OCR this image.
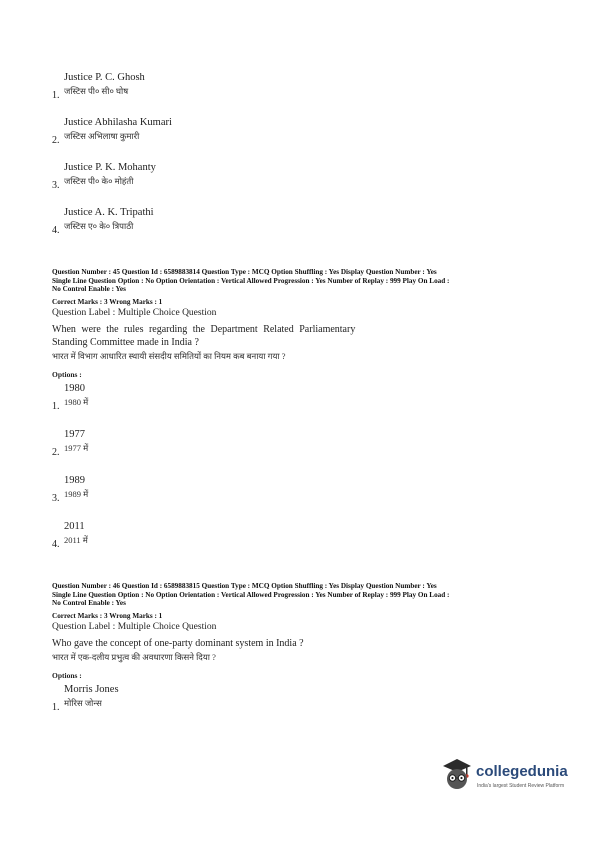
Justice P. C. Ghosh
जस्टिस पी० सी० घोष
1.
Justice Abhilasha Kumari
जस्टिस अभिलाषा कुमारी
2.
Justice P. K. Mohanty
जस्टिस पी० के० मोहंती
3.
Justice A. K. Tripathi
जस्टिस ए० के० त्रिपाठी
4.
Question Number : 45 Question Id : 6589883814 Question Type : MCQ Option Shuffling : Yes Display Question Number : Yes
Single Line Question Option : No Option Orientation : Vertical Allowed Progression : Yes Number of Replay : 999 Play On Load :
No Control Enable : Yes
Correct Marks : 3 Wrong Marks : 1
Question Label : Multiple Choice Question
When were the rules regarding the Department Related Parliamentary
Standing Committee made in India ?
भारत में विभाग आधारित स्थायी संसदीय समितियों का नियम कब बनाया गया ?
Options :
1980
1980 में
1.
1977
1977 में
2.
1989
1989 में
3.
2011
2011 में
4.
Question Number : 46 Question Id : 6589883815 Question Type : MCQ Option Shuffling : Yes Display Question Number : Yes
Single Line Question Option : No Option Orientation : Vertical Allowed Progression : Yes Number of Replay : 999 Play On Load :
No Control Enable : Yes
Correct Marks : 3 Wrong Marks : 1
Question Label : Multiple Choice Question
Who gave the concept of one-party dominant system in India ?
भारत में एक-दलीय प्रभुत्व की अवधारणा किसने दिया ?
Options :
Morris Jones
मोरिस जोन्स
1.
collegedunia
India's largest Student Review Platform
